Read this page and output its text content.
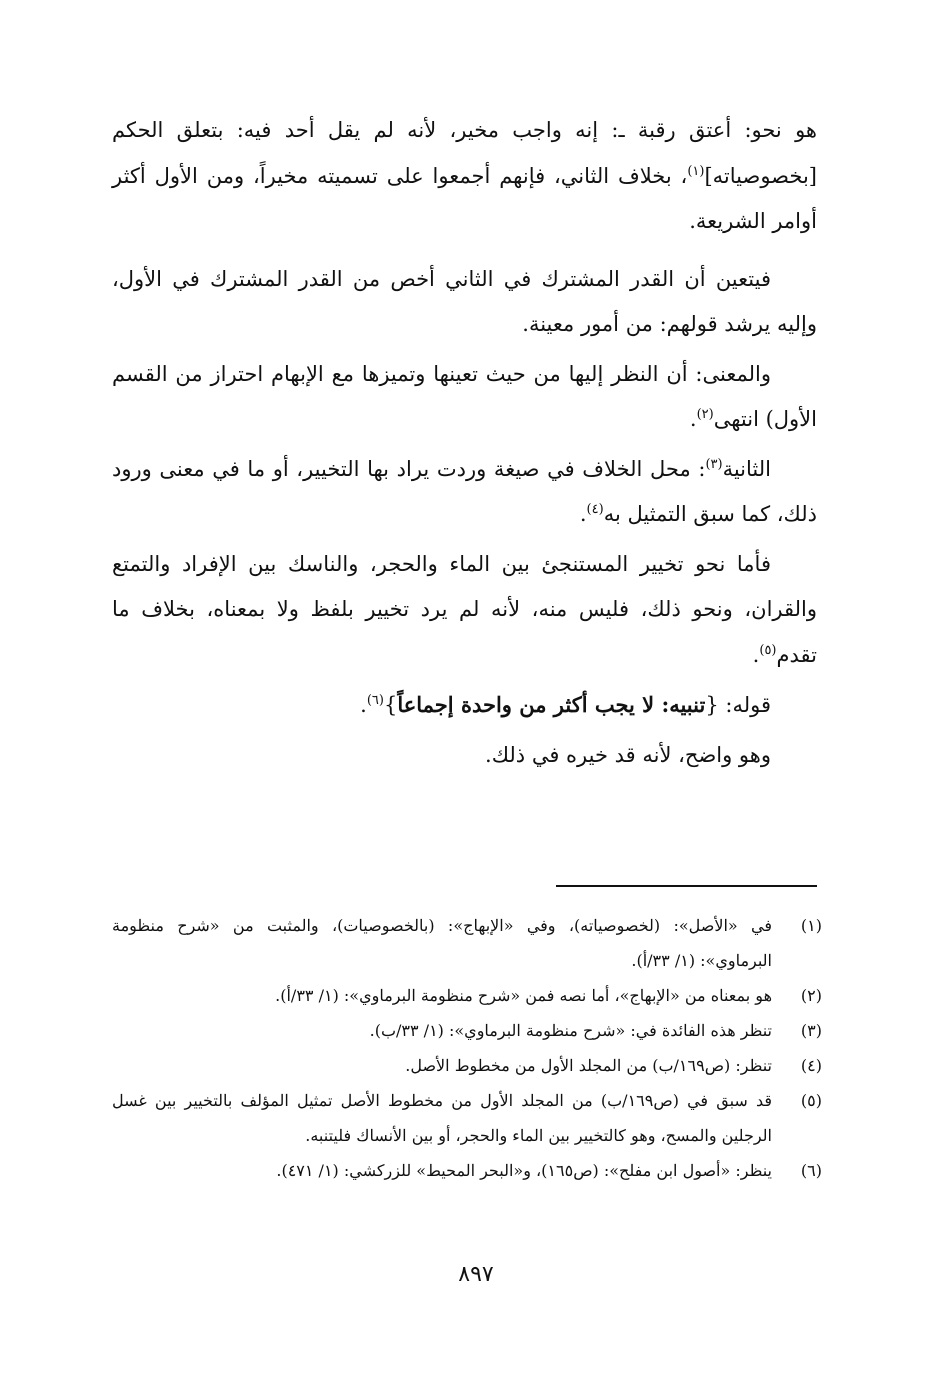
هو نحو: أعتق رقبة ـ: إنه واجب مخير، لأنه لم يقل أحد فيه: بتعلق الحكم [بخصوصياته]$^{(١)}$، بخلاف الثاني، فإنهم أجمعوا على تسميته مخيراً، ومن الأول أكثر أوامر الشريعة.

فيتعين أن القدر المشترك في الثاني أخص من القدر المشترك في الأول، وإليه يرشد قولهم: من أمور معينة.

والمعنى: أن النظر إليها من حيث تعينها وتميزها مع الإبهام احتراز من القسم الأول) انتهى$^{(٢)}$.

الثانية$^{(٣)}$: محل الخلاف في صيغة وردت يراد بها التخيير، أو ما في معنى ورود ذلك، كما سبق التمثيل به$^{(٤)}$.

فأما نحو تخيير المستنجئ بين الماء والحجر، والناسك بين الإفراد والتمتع والقران، ونحو ذلك، فليس منه، لأنه لم يرد تخيير بلفظ ولا بمعناه، بخلاف ما تقدم$^{(٥)}$.

قوله: {تنبيه: لا يجب أكثر من واحدة إجماعاً}$^{(٦)}$.

وهو واضح، لأنه قد خيره في ذلك.

(١)
في «الأصل»: (لخصوصياته)، وفي «الإبهاج»: (بالخصوصيات)، والمثبت من «شرح منظومة البرماوي»: (١/ ٣٣/أ).
(٢)
هو بمعناه من «الإبهاج»، أما نصه فمن «شرح منظومة البرماوي»: (١/ ٣٣/أ).
(٣)
تنظر هذه الفائدة في: «شرح منظومة البرماوي»: (١/ ٣٣/ب).
(٤)
تنظر: (ص١٦٩/ب) من المجلد الأول من مخطوط الأصل.
(٥)
قد سبق في (ص١٦٩/ب) من المجلد الأول من مخطوط الأصل تمثيل المؤلف بالتخيير بين غسل الرجلين والمسح، وهو كالتخيير بين الماء والحجر، أو بين الأنساك فليتنبه.
(٦)
ينظر: «أصول ابن مفلح»: (ص١٦٥)، و«البحر المحيط» للزركشي: (١/ ٤٧١).
٨٩٧
